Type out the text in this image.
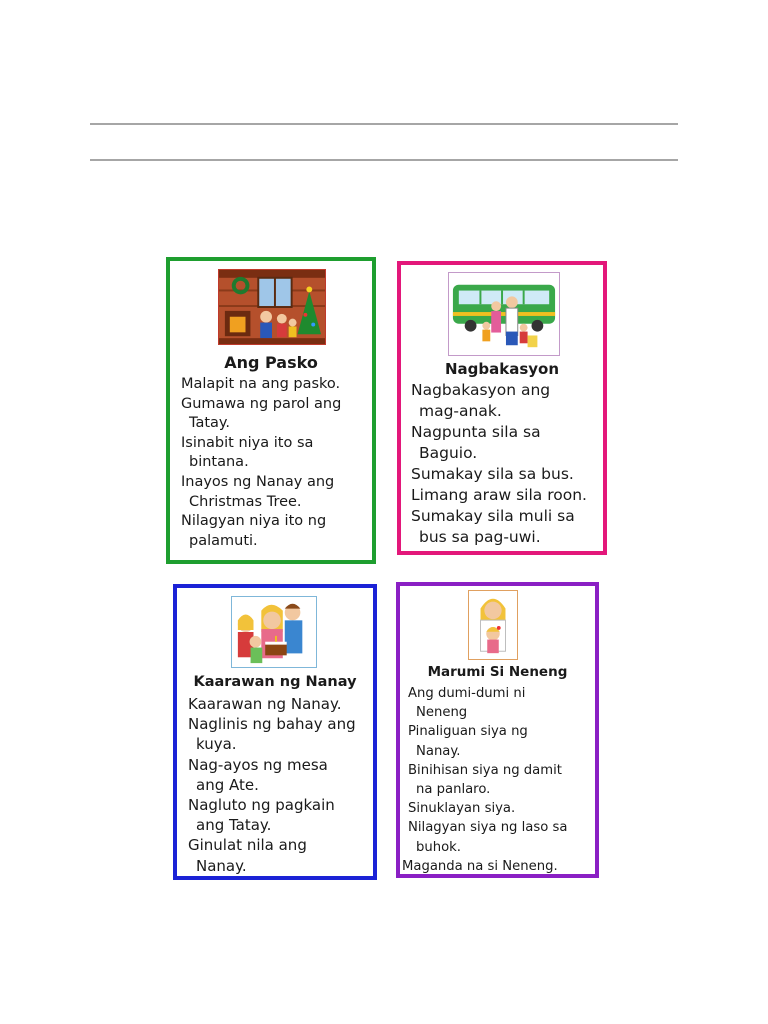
Ang Pasko
Malapit na ang pasko.
Gumawa ng parol ang
Tatay.
Isinabit niya ito sa
bintana.
Inayos ng Nanay ang
Christmas Tree.
Nilagyan niya ito ng
palamuti.
Nagbakasyon
Nagbakasyon ang
mag-anak.
Nagpunta sila sa
Baguio.
Sumakay sila sa bus.
Limang araw sila roon.
Sumakay sila muli sa
bus sa pag-uwi.
Kaarawan ng Nanay
Kaarawan ng Nanay.
Naglinis ng bahay ang
kuya.
Nag-ayos ng mesa
ang Ate.
Nagluto ng pagkain
ang Tatay.
Ginulat nila ang
Nanay.
Marumi Si Neneng
Ang dumi-dumi ni
Neneng
Pinaliguan siya ng
Nanay.
Binihisan siya ng damit
na panlaro.
Sinuklayan siya.
Nilagyan siya ng laso sa
buhok.
Maganda na si Neneng.
